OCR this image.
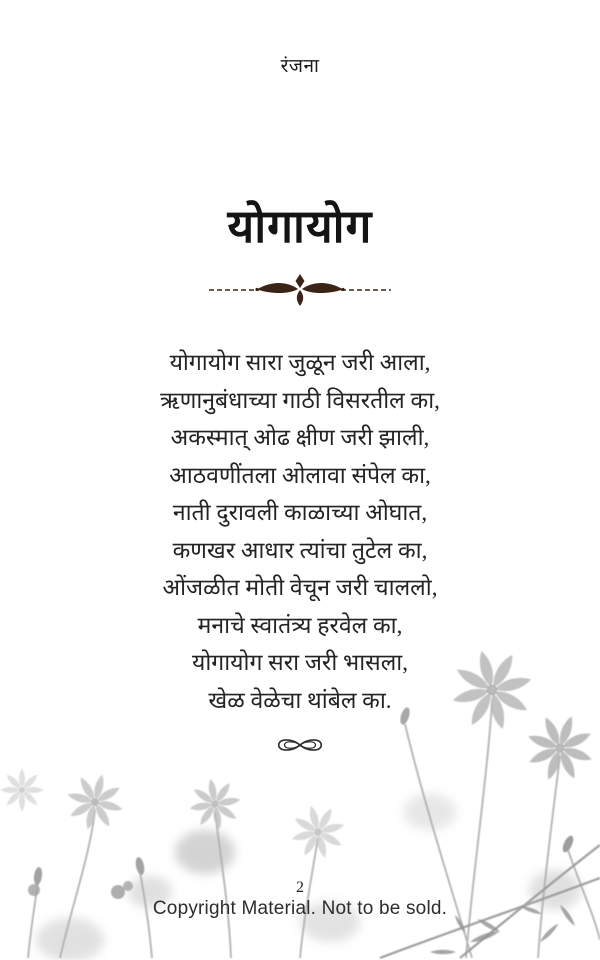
रंजना
योगायोग
योगायोग सारा जुळून जरी आला,
ऋणानुबंधाच्या गाठी विसरतील का,
अकस्मात् ओढ क्षीण जरी झाली,
आठवणींतला ओलावा संपेल का,
नाती दुरावली काळाच्या ओघात,
कणखर आधार त्यांचा तुटेल का,
ओंजळीत मोती वेचून जरी चाललो,
मनाचे स्वातंत्र्य हरवेल का,
योगायोग सरा जरी भासला,
खेळ वेळेचा थांबेल का.
2
Copyright Material. Not to be sold.
